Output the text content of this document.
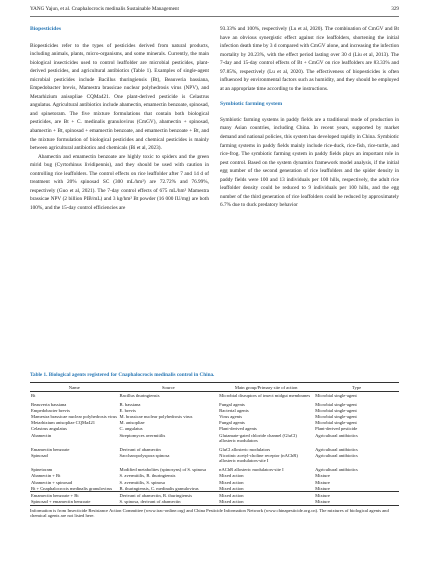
YANG Yajun, et al. Cnaphalocrocis medinalis Sustainable Management	329
Biopesticides

Biopesticides refer to the types of pesticides derived from natural products, including animals, plants, micro-organisms, and some minerals. Currently, the main biological insecticides used to control leaffolder are microbial pesticides, plant-derived pesticides, and agricultural antibiotics (Table 1). Examples of single-agent microbial pesticides include Bacillus thuringiensis (Bt), Beauveria bassiana, Empedobacter brevis, Mamestra brassicae nuclear polyhedrosis virus (NPV), and Metarhizium anisopliae CQMa421. One plant-derived pesticide is Celastrus angulatus. Agricultural antibiotics include abamectin, emamectin benzoate, spinosad, and spinetoram. The five mixture formulations that contain both biological pesticides, are Bt + C. medinalis granulovirus (CmGV), abamectin + spinosad, abamectin + Bt, spinosad + emamectin benzoate, and emamectin benzoate + Bt, and the mixture formulation of biological pesticides and chemical pesticides is mainly between agricultural antibiotics and chemicals (Bi et al, 2023).

Abamectin and emamectin benzoate are highly toxic to spiders and the green mirid bug (Cyrtorhinus lividipennis), and they should be used with caution in controlling rice leaffolders. The control effects on rice leaffolder after 7 and 14 d of treatment with 20% spinosad SC (300 mL/hm²) are 72.72% and 76.99%, respectively (Guo et al, 2021). The 7-day control effects of 675 mL/hm² Mamestra brassicae NPV (2 billion PIB/mL) and 3 kg/hm² Bt powder (16 000 IU/mg) are both 100%, and the 15-day control efficiencies are

93.33% and 100%, respectively (Lu et al, 2020). The combination of CmGV and Bt have an obvious synergistic effect against rice leaffolders, shortening the initial infection death time by 3 d compared with CmGV alone, and increasing the infection mortality by 20.23%, with the effect period lasting over 30 d (Liu et al, 2013). The 7-day and 15-day control effects of Bt + CmGV on rice leaffolders are 83.33% and 97.85%, respectively (Lu et al, 2020). The effectiveness of biopesticides is often influenced by environmental factors such as humidity, and they should be employed at an appropriate time according to the instructions.

Symbiotic farming system

Symbiotic farming systems in paddy fields are a traditional mode of production in many Asian countries, including China. In recent years, supported by market demand and national policies, this system has developed rapidly in China. Symbiotic farming systems in paddy fields mainly include rice-duck, rice-fish, rice-turtle, and rice-frog. The symbiotic farming system in paddy fields plays an important role in pest control. Based on the system dynamics framework model analysis, if the initial egg number of the second generation of rice leaffolders and the spider density in paddy fields were 100 and 13 individuals per 100 hills, respectively, the adult rice leaffolder density could be reduced to 9 individuals per 100 hills, and the egg number of the third generation of rice leaffolders could be reduced by approximately 6.7% due to duck predatory behavior

Table 1. Biological agents registered for Cnaphalocrocis medinalis control in China.
Name	Source	Main group/Primary site of action	Type
Bt	Bacillus thuringiensis	Microbial disruptors of insect midgut membranes	Microbial single-agent
Beauveria bassiana	B. bassiana	Fungal agents	Microbial single-agent
Empedobacter brevis	E. brevis	Bacterial agents	Microbial single-agent
Mamestra brassicae nuclear polyhedrosis virus	M. brassicae nuclear polyhedrosis virus	Virus agents	Microbial single-agent
Metarhizium anisopliae CQMa421	M. anisopliae	Fungal agents	Microbial single-agent
Celastrus angulatus	C. angulatus	Plant-derived agents	Plant-derived pesticide
Abamectin	Streptomyces avermitilis	Glutamate-gated chloride channel (GluCl) allosteric modulators	Agricultural antibiotics
Emamectin benzoate	Derivant of abamectin	GluCl allosteric modulators	Agricultural antibiotics
Spinosad	Saccharopolyspora spinosa	Nicotinic acetyl-choline receptor (nAChR) allosteric modulators-site I	Agricultural antibiotics
Spinetoram	Modified metabolites (spinosyns) of S. spinosa	nAChR allosteric modulators-site I	Agricultural antibiotics
Abamectin + Bt	S. avermitilis, B. thuringiensis	Mixed action	Mixture
Abamectin + spinosad	S. avermitilis, S. spinosa	Mixed action	Mixture
Bt + Cnaphalocrocis medinalis granulovirus	B. thuringiensis, C. medinalis granulovirus	Mixed action	Mixture
Emamectin benzoate + Bt	Derivant of abamectin, B. thuringiensis	Mixed action	Mixture
Spinosad + emamectin benzoate	S. spinosa, derivant of abamectin	Mixed action	Mixture
Information is from Insecticide Resistance Action Committee (www.irac-online.org) and China Pesticide Information Network (www.chinapesticide.org.cn). The mixtures of biological agents and chemical agents are not listed here.
